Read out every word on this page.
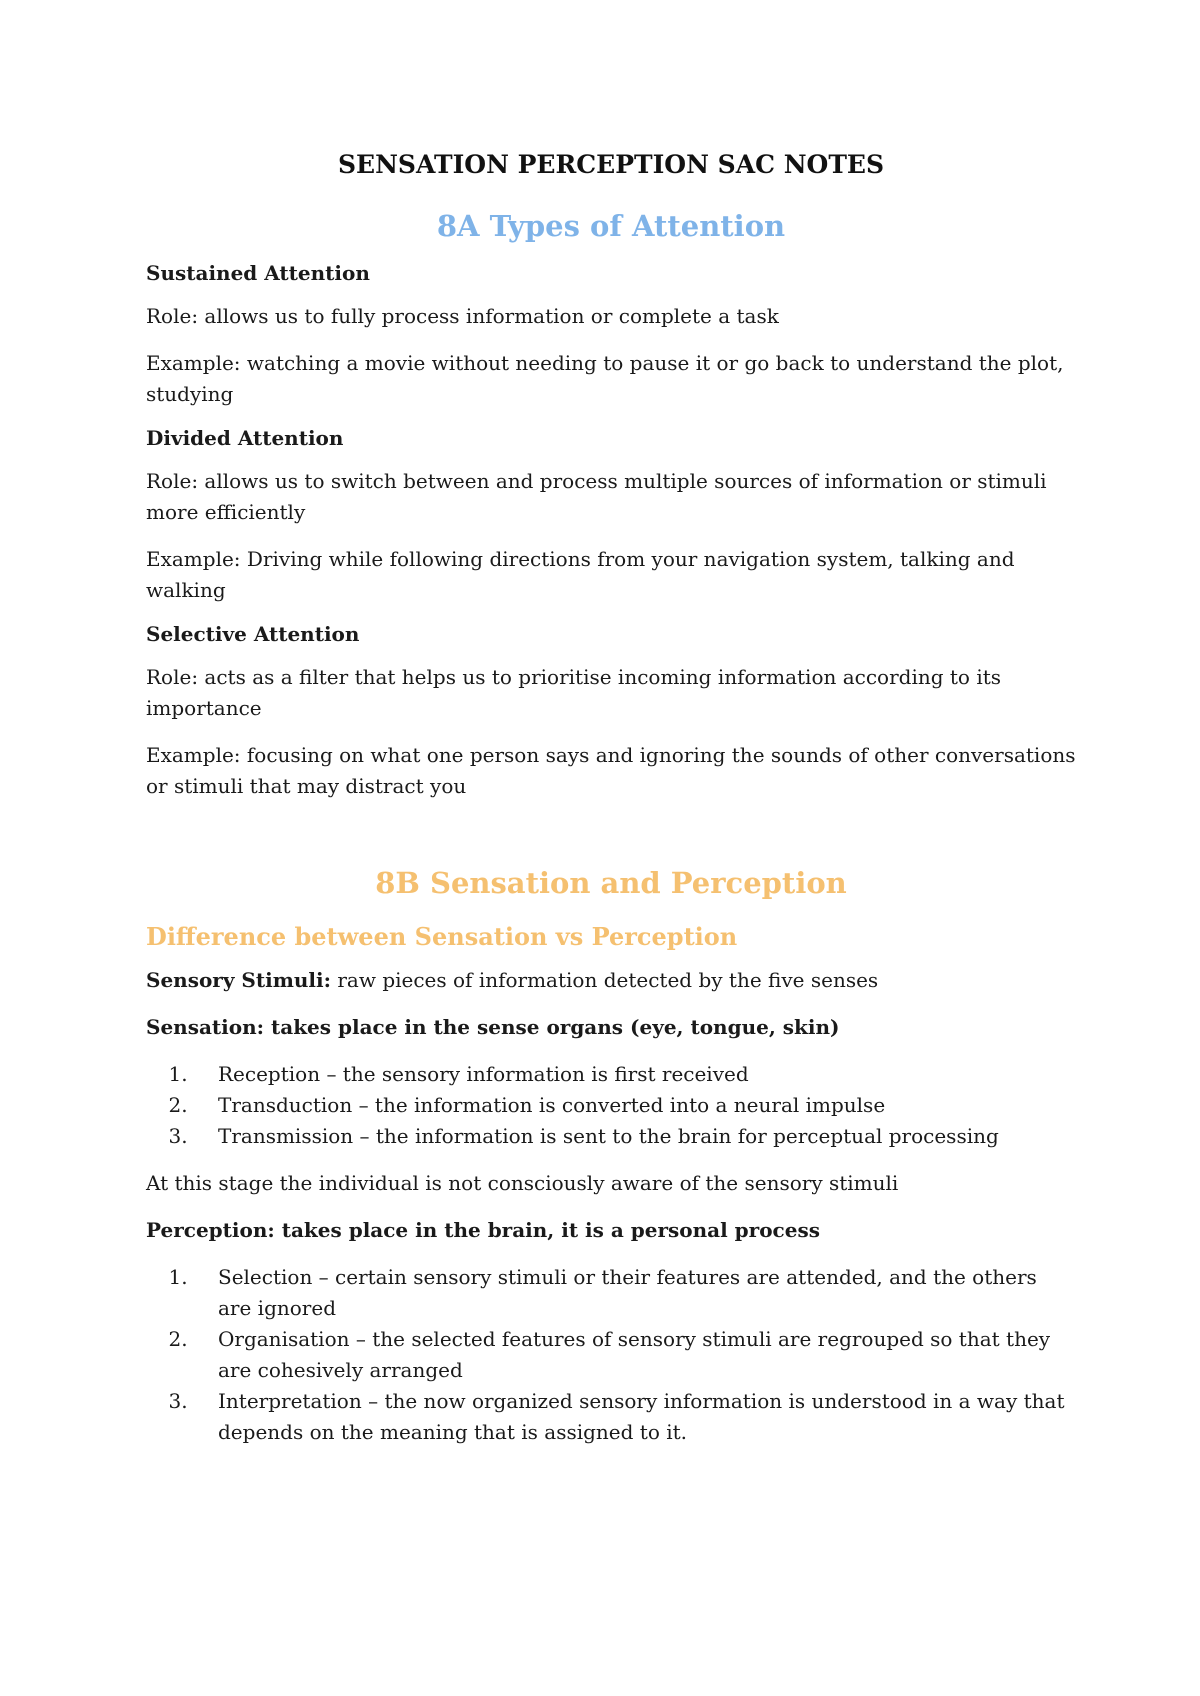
SENSATION PERCEPTION SAC NOTES
8A Types of Attention
Sustained Attention

Role: allows us to fully process information or complete a task

Example: watching a movie without needing to pause it or go back to understand the plot, studying

Divided Attention

Role: allows us to switch between and process multiple sources of information or stimuli more efficiently

Example: Driving while following directions from your navigation system, talking and walking

Selective Attention

Role: acts as a filter that helps us to prioritise incoming information according to its importance

Example: focusing on what one person says and ignoring the sounds of other conversations or stimuli that may distract you

8B Sensation and Perception
Difference between Sensation vs Perception

Sensory Stimuli: raw pieces of information detected by the five senses

Sensation: takes place in the sense organs (eye, tongue, skin)

1. Reception – the sensory information is first received
2. Transduction – the information is converted into a neural impulse
3. Transmission – the information is sent to the brain for perceptual processing

At this stage the individual is not consciously aware of the sensory stimuli

Perception: takes place in the brain, it is a personal process

1. Selection – certain sensory stimuli or their features are attended, and the others are ignored
2. Organisation – the selected features of sensory stimuli are regrouped so that they are cohesively arranged
3. Interpretation – the now organized sensory information is understood in a way that depends on the meaning that is assigned to it.
